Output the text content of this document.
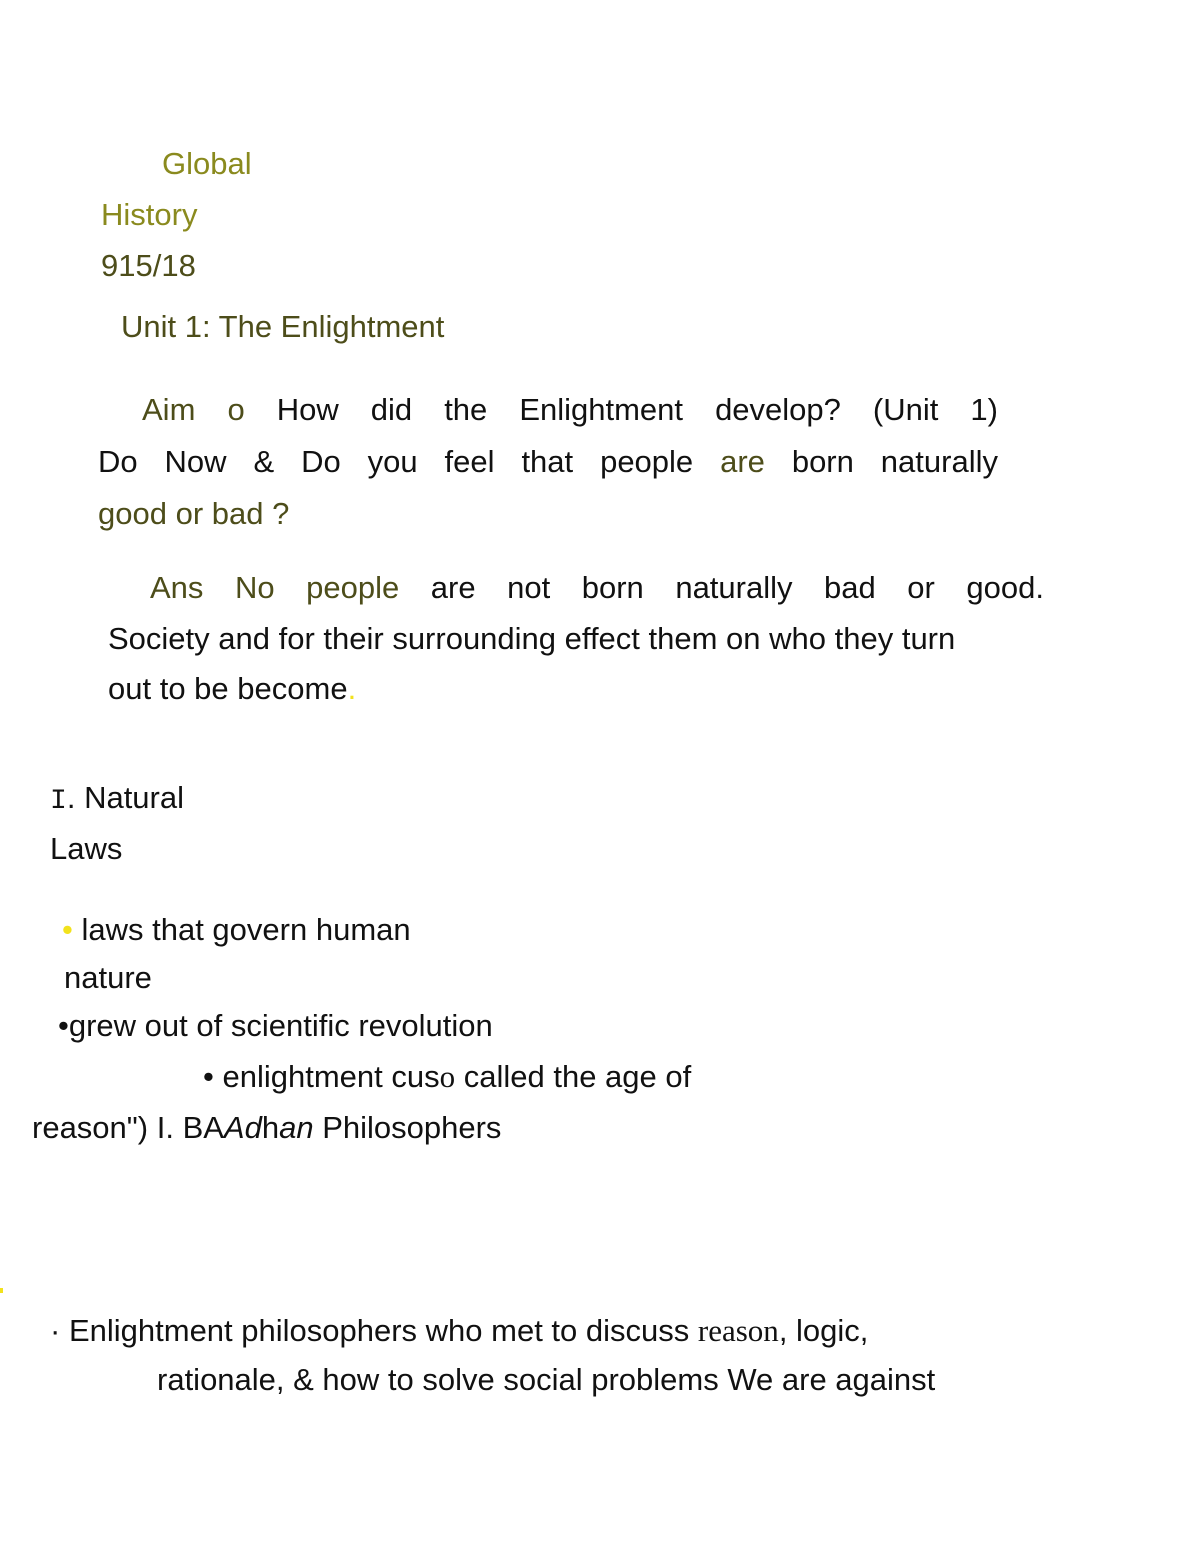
Global
History
915/18
Unit 1: The Enlightment
Aim o How did the Enlightment develop? (Unit 1)
Do Now & Do you feel that people are born naturally
good or bad ?
Ans No people are not born naturally bad or good.
Society and for their surrounding effect them on who they turn
out to be become.
I. Natural
Laws
• laws that govern human
nature
•grew out of scientific revolution
• enlightment cuso called the age of
reason") I. BAAdhan Philosophers
· Enlightment philosophers who met to discuss reason, logic,
rationale, & how to solve social problems We are against
